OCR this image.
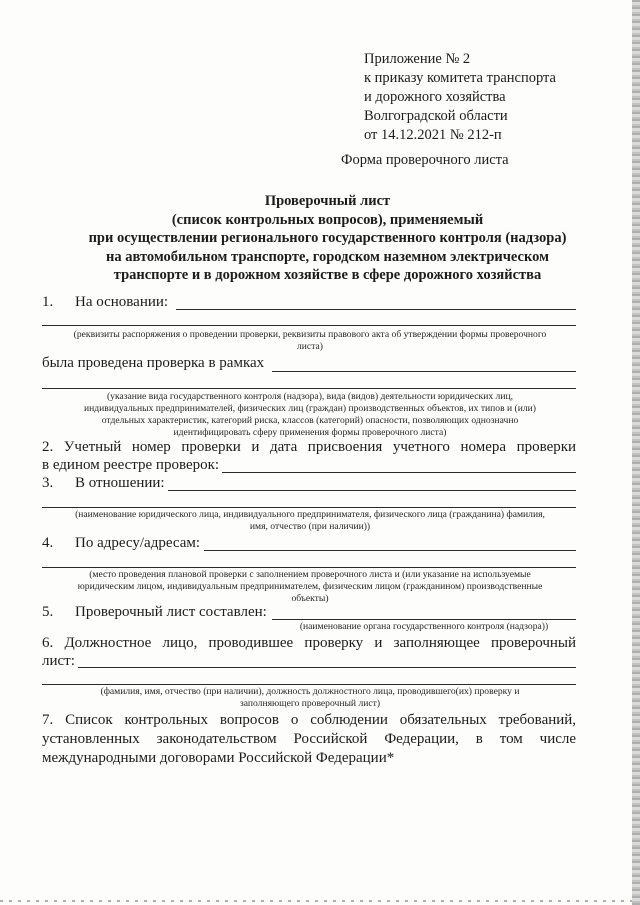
Приложение № 2
к приказу комитета транспорта
и дорожного хозяйства
Волгоградской области
от 14.12.2021 № 212-п
Форма проверочного листа
Проверочный лист
(список контрольных вопросов), применяемый
при осуществлении регионального государственного контроля (надзора)
на автомобильном транспорте, городском наземном электрическом
транспорте и в дорожном хозяйстве в сфере дорожного хозяйства
1. На основании:
(реквизиты распоряжения о проведении проверки, реквизиты правового акта об утверждении формы проверочного
листа)
была проведена проверка в рамках
(указание вида государственного контроля (надзора), вида (видов) деятельности юридических лиц,
индивидуальных предпринимателей, физических лиц (граждан) производственных объектов, их типов и (или)
отдельных характеристик, категорий риска, классов (категорий) опасности, позволяющих однозначно
идентифицировать сферу применения формы проверочного листа)
2. Учетный номер проверки и дата присвоения учетного номера проверки
в едином реестре проверок:
3. В отношении:
(наименование юридического лица, индивидуального предпринимателя, физического лица (гражданина) фамилия,
имя, отчество (при наличии))
4. По адресу/адресам:
(место проведения плановой проверки с заполнением проверочного листа и (или указание на используемые
юридическим лицом, индивидуальным предпринимателем, физическим лицом (гражданином) производственные
объекты)
5. Проверочный лист составлен:
(наименование органа государственного контроля (надзора))
6. Должностное лицо, проводившее проверку и заполняющее проверочный
лист:
(фамилия, имя, отчество (при наличии), должность должностного лица, проводившего(их) проверку и
заполняющего проверочный лист)
7. Список контрольных вопросов о соблюдении обязательных требований,
установленных законодательством Российской Федерации, в том числе
международными договорами Российской Федерации*
